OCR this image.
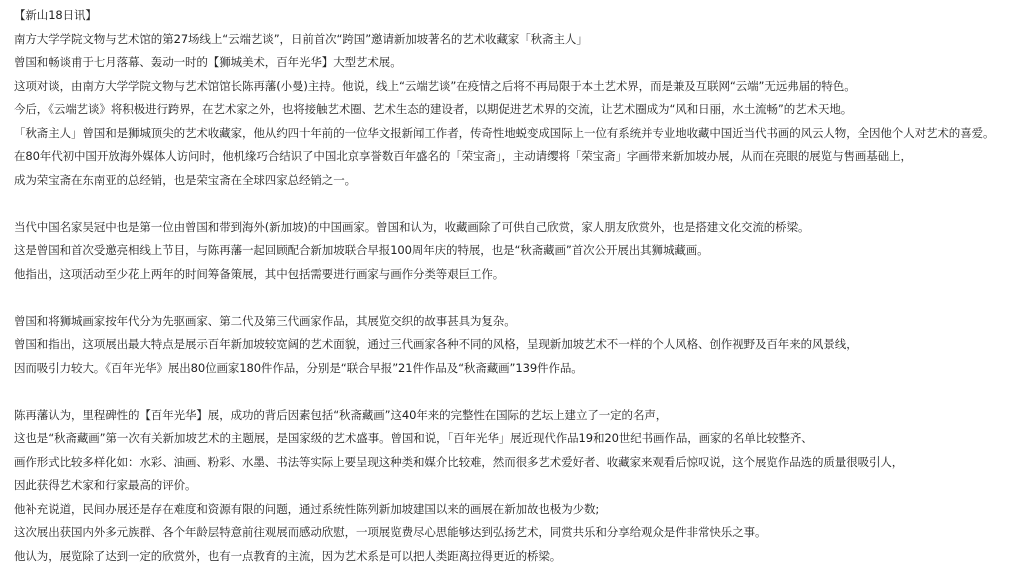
【新山18日讯】
南方大学学院文物与艺术馆的第27场线上“云端艺谈”，日前首次“跨国”邀请新加坡著名的艺术收藏家「秋斋主人」
曾国和畅谈甫于七月落幕、轰动一时的【狮城美术，百年光华】大型艺术展。
这项对谈，由南方大学学院文物与艺术馆馆长陈再藩(小曼)主持。他说，线上“云端艺谈”在疫情之后将不再局限于本土艺术界，而是兼及互联网“云端”无远弗届的特色。
今后，《云端艺谈》将积极进行跨界，在艺术家之外，也将接触艺术圈、艺术生态的建设者，以期促进艺术界的交流，让艺术圈成为“风和日丽，水土流畅”的艺术天地。
「秋斋主人」曾国和是狮城顶尖的艺术收藏家，他从约四十年前的一位华文报新闻工作者，传奇性地蜕变成国际上一位有系统并专业地收藏中国近当代书画的风云人物，全因他个人对艺术的喜爱。
在80年代初中国开放海外媒体人访问时，他机缘巧合结识了中国北京享誉数百年盛名的「荣宝斋」，主动请缨将「荣宝斋」字画带来新加坡办展，从而在亮眼的展览与售画基础上，
成为荣宝斋在东南亚的总经销，也是荣宝斋在全球四家总经销之一。
当代中国名家吴冠中也是第一位由曾国和带到海外(新加坡)的中国画家。曾国和认为，收藏画除了可供自己欣赏，家人朋友欣赏外，也是搭建文化交流的桥梁。
这是曾国和首次受邀亮相线上节目，与陈再藩一起回顾配合新加坡联合早报100周年庆的特展，也是“秋斋藏画”首次公开展出其狮城藏画。
他指出，这项活动至少花上两年的时间筹备策展，其中包括需要进行画家与画作分类等艰巨工作。
曾国和将狮城画家按年代分为先驱画家、第二代及第三代画家作品，其展览交织的故事甚具为复杂。
曾国和指出，这项展出最大特点是展示百年新加坡较宽阔的艺术面貌，通过三代画家各种不同的风格，呈现新加坡艺术不一样的个人风格、创作视野及百年来的风景线，
因而吸引力较大。《百年光华》展出80位画家180件作品，分别是“联合早报”21件作品及“秋斋藏画”139件作品。
陈再藩认为，里程碑性的【百年光华】展，成功的背后因素包括“秋斋藏画”这40年来的完整性在国际的艺坛上建立了一定的名声，
这也是“秋斋藏画”第一次有关新加坡艺术的主题展，是国家级的艺术盛事。曾国和说，「百年光华」展近现代作品19和20世纪书画作品，画家的名单比较整齐、
画作形式比较多样化如：水彩、油画、粉彩、水墨、书法等实际上要呈现这种类和媒介比较难，然而很多艺术爱好者、收藏家来观看后惊叹说，这个展览作品选的质量很吸引人，
因此获得艺术家和行家最高的评价。
他补充说道，民间办展还是存在难度和资源有限的问题，通过系统性陈列新加坡建国以来的画展在新加故也极为少数;
这次展出获国内外多元族群、各个年龄层特意前往观展而感动欣慰，一项展览费尽心思能够达到弘扬艺术，同赏共乐和分享给观众是件非常快乐之事。
他认为，展览除了达到一定的欣赏外，也有一点教育的主流，因为艺术系是可以把人类距离拉得更近的桥梁。
